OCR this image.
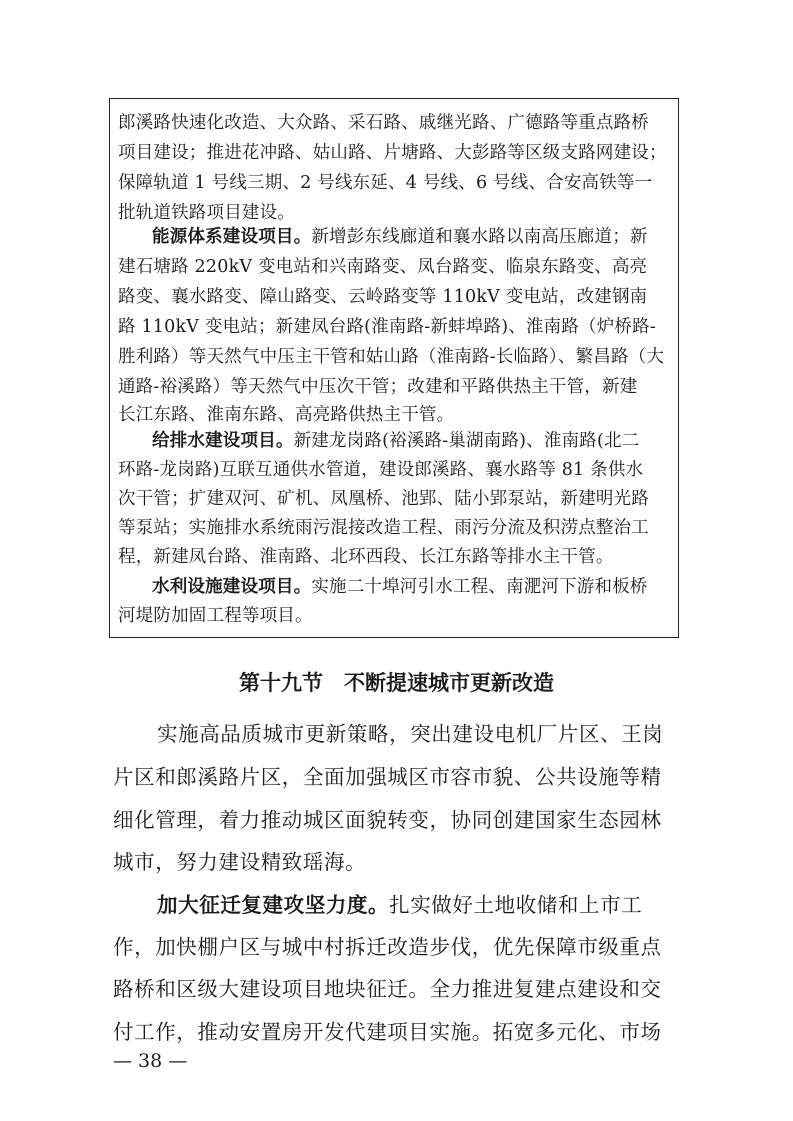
郎溪路快速化改造、大众路、采石路、戚继光路、广德路等重点路桥
项目建设；推进花冲路、姑山路、片塘路、大彭路等区级支路网建设；
保障轨道 1 号线三期、2 号线东延、4 号线、6 号线、合安高铁等一
批轨道铁路项目建设。
能源体系建设项目。新增彭东线廊道和襄水路以南高压廊道；新
建石塘路 220kV 变电站和兴南路变、凤台路变、临泉东路变、高亮
路变、襄水路变、障山路变、云岭路变等 110kV 变电站，改建钢南
路 110kV 变电站；新建凤台路(淮南路-新蚌埠路)、淮南路（炉桥路-
胜利路）等天然气中压主干管和姑山路（淮南路-长临路）、繁昌路（大
通路-裕溪路）等天然气中压次干管；改建和平路供热主干管，新建
长江东路、淮南东路、高亮路供热主干管。
给排水建设项目。新建龙岗路(裕溪路-巢湖南路)、淮南路(北二
环路-龙岗路)互联互通供水管道，建设郎溪路、襄水路等 81 条供水
次干管；扩建双河、矿机、凤凰桥、池郢、陆小郢泵站，新建明光路
等泵站；实施排水系统雨污混接改造工程、雨污分流及积涝点整治工
程，新建凤台路、淮南路、北环西段、长江东路等排水主干管。
水利设施建设项目。实施二十埠河引水工程、南淝河下游和板桥
河堤防加固工程等项目。
第十九节　不断提速城市更新改造
实施高品质城市更新策略，突出建设电机厂片区、王岗
片区和郎溪路片区，全面加强城区市容市貌、公共设施等精
细化管理，着力推动城区面貌转变，协同创建国家生态园林
城市，努力建设精致瑶海。
加大征迁复建攻坚力度。扎实做好土地收储和上市工
作，加快棚户区与城中村拆迁改造步伐，优先保障市级重点
路桥和区级大建设项目地块征迁。全力推进复建点建设和交
付工作，推动安置房开发代建项目实施。拓宽多元化、市场
— 38 —
